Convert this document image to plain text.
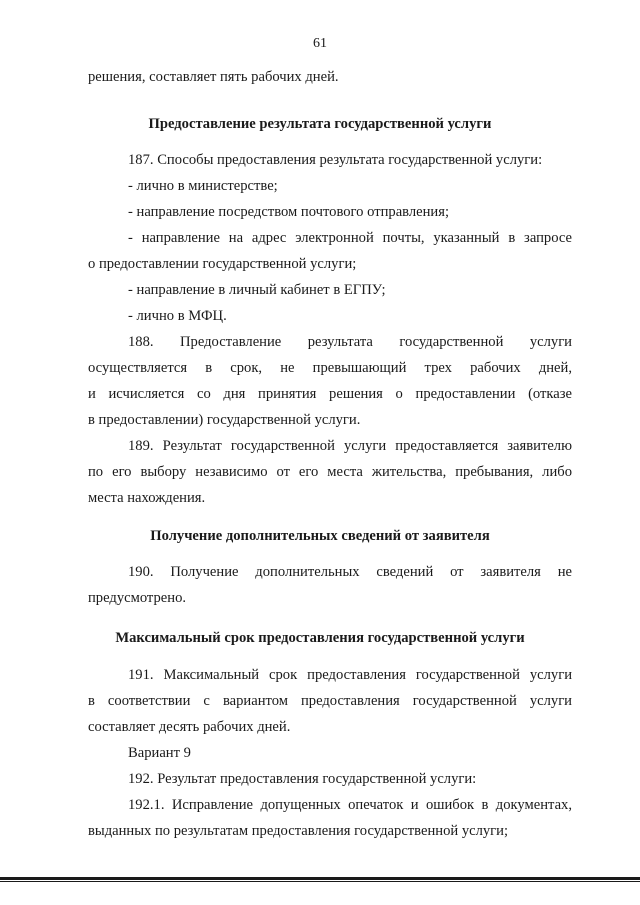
61
решения, составляет пять рабочих дней.
Предоставление результата государственной услуги
187. Способы предоставления результата государственной услуги:
- лично в министерстве;
- направление посредством почтового отправления;
- направление на адрес электронной почты, указанный в запросе
о предоставлении государственной услуги;
- направление в личный кабинет в ЕГПУ;
- лично в МФЦ.
188. Предоставление результата государственной услуги
осуществляется в срок, не превышающий трех рабочих дней,
и исчисляется со дня принятия решения о предоставлении (отказе
в предоставлении) государственной услуги.
189. Результат государственной услуги предоставляется заявителю
по его выбору независимо от его места жительства, пребывания, либо
места нахождения.
Получение дополнительных сведений от заявителя
190. Получение дополнительных сведений от заявителя не
предусмотрено.
Максимальный срок предоставления государственной услуги
191. Максимальный срок предоставления государственной услуги
в соответствии с вариантом предоставления государственной услуги
составляет десять рабочих дней.
Вариант 9
192. Результат предоставления государственной услуги:
192.1. Исправление допущенных опечаток и ошибок в документах,
выданных по результатам предоставления государственной услуги;
